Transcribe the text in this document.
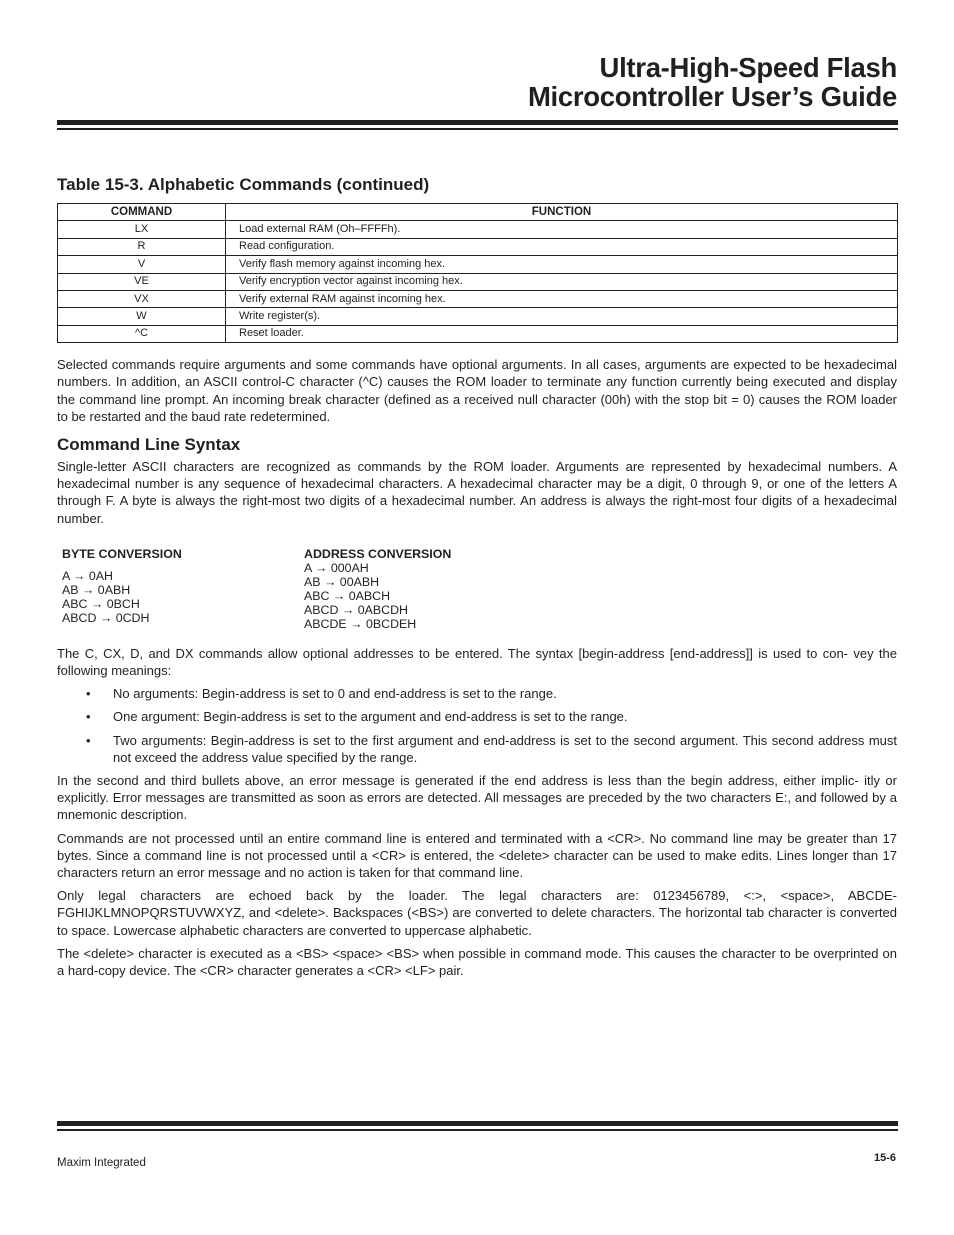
Ultra-High-Speed Flash
Microcontroller User’s Guide
Table 15-3. Alphabetic Commands (continued)
COMMAND	FUNCTION
LX	Load external RAM (Oh–FFFFh).
R	Read configuration.
V	Verify flash memory against incoming hex.
VE	Verify encryption vector against incoming hex.
VX	Verify external RAM against incoming hex.
W	Write register(s).
^C	Reset loader.

Selected commands require arguments and some commands have optional arguments. In all cases, arguments are expected to be hexadecimal numbers. In addition, an ASCII control-C character (^C) causes the ROM loader to terminate any function currently being executed and display the command line prompt. An incoming break character (defined as a received null character (00h) with the stop bit = 0) causes the ROM loader to be restarted and the baud rate redetermined.

Command Line Syntax

Single-letter ASCII characters are recognized as commands by the ROM loader. Arguments are represented by hexadecimal numbers. A hexadecimal number is any sequence of hexadecimal characters. A hexadecimal character may be a digit, 0 through 9, or one of the letters A through F. A byte is always the right-most two digits of a hexadecimal number. An address is always the right-most four digits of a hexadecimal number.

BYTE CONVERSION

A → 0AH
AB → 0ABH
ABC → 0BCH
ABCD → 0CDH

ADDRESS CONVERSION

A → 000AH
AB → 00ABH
ABC → 0ABCH
ABCD → 0ABCDH
ABCDE → 0BCDEH

The C, CX, D, and DX commands allow optional addresses to be entered. The syntax [begin-address [end-address]] is used to con- vey the following meanings:

• No arguments: Begin-address is set to 0 and end-address is set to the range.
• One argument: Begin-address is set to the argument and end-address is set to the range.
• Two arguments: Begin-address is set to the first argument and end-address is set to the second argument. This second address must not exceed the address value specified by the range.

In the second and third bullets above, an error message is generated if the end address is less than the begin address, either implic- itly or explicitly. Error messages are transmitted as soon as errors are detected. All messages are preceded by the two characters E:, and followed by a mnemonic description.

Commands are not processed until an entire command line is entered and terminated with a <CR>. No command line may be greater than 17 bytes. Since a command line is not processed until a <CR> is entered, the <delete> character can be used to make edits. Lines longer than 17 characters return an error message and no action is taken for that command line.

Only legal characters are echoed back by the loader. The legal characters are: 0123456789, <:>, <space>, ABCDE- FGHIJKLMNOPQRSTUVWXYZ, and <delete>. Backspaces (<BS>) are converted to delete characters. The horizontal tab character is converted to space. Lowercase alphabetic characters are converted to uppercase alphabetic.

The <delete> character is executed as a <BS> <space> <BS> when possible in command mode. This causes the character to be overprinted on a hard-copy device. The <CR> character generates a <CR> <LF> pair.

Maxim Integrated	15-6
